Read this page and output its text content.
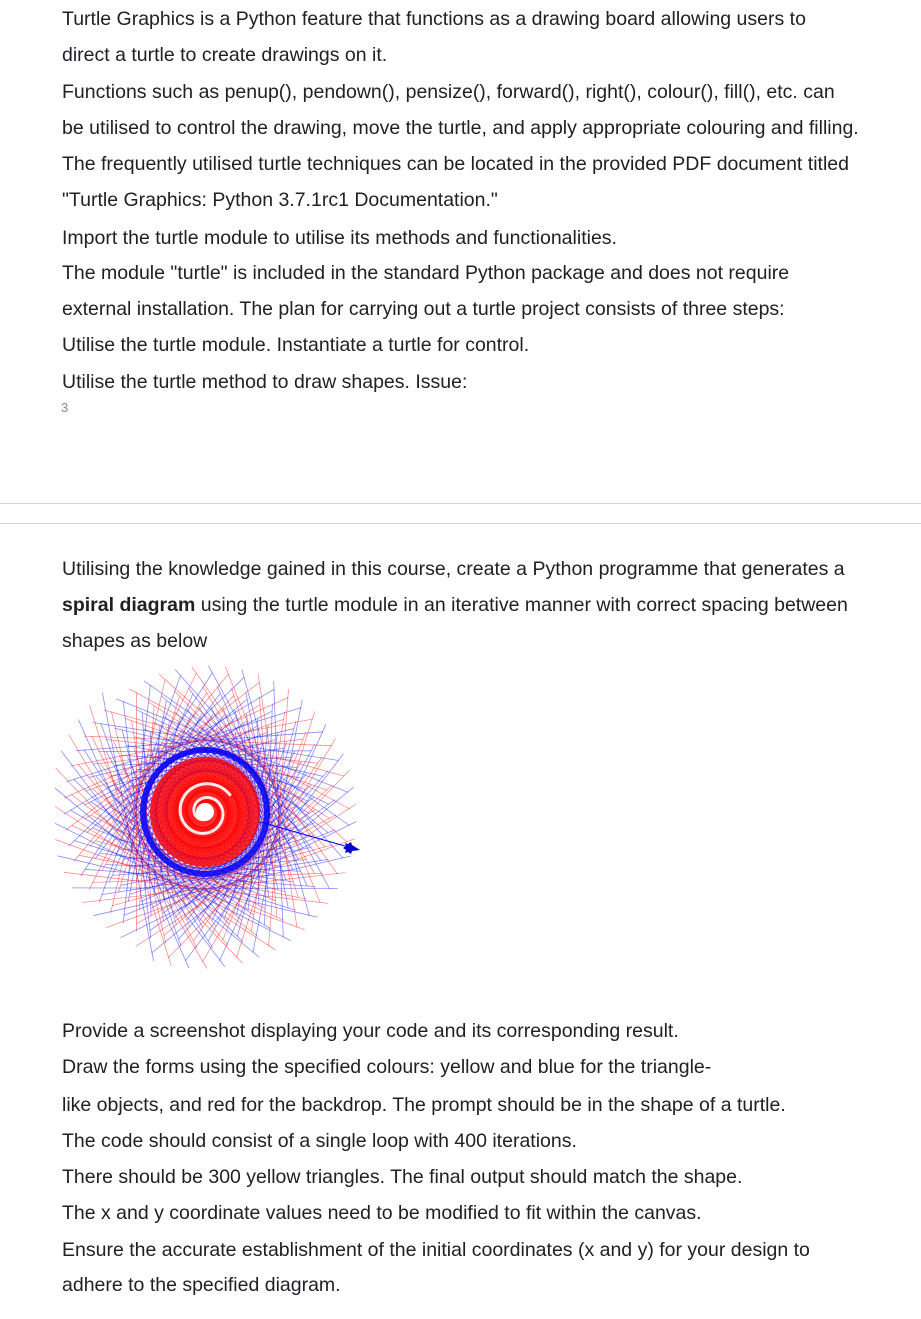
Turtle Graphics is a Python feature that functions as a drawing board allowing users to
direct a turtle to create drawings on it.
Functions such as penup(), pendown(), pensize(), forward(), right(), colour(), fill(), etc. can
be utilised to control the drawing, move the turtle, and apply appropriate colouring and filling.
The frequently utilised turtle techniques can be located in the provided PDF document titled
"Turtle Graphics: Python 3.7.1rc1 Documentation."
Import the turtle module to utilise its methods and functionalities.
The module "turtle" is included in the standard Python package and does not require
external installation. The plan for carrying out a turtle project consists of three steps:
Utilise the turtle module. Instantiate a turtle for control.
Utilise the turtle method to draw shapes. Issue:
3
Utilising the knowledge gained in this course, create a Python programme that generates a
spiral diagram using the turtle module in an iterative manner with correct spacing between
shapes as below
Provide a screenshot displaying your code and its corresponding result.
Draw the forms using the specified colours: yellow and blue for the triangle-
like objects, and red for the backdrop. The prompt should be in the shape of a turtle.
The code should consist of a single loop with 400 iterations.
There should be 300 yellow triangles. The final output should match the shape.
The x and y coordinate values need to be modified to fit within the canvas.
Ensure the accurate establishment of the initial coordinates (x and y) for your design to
adhere to the specified diagram.
